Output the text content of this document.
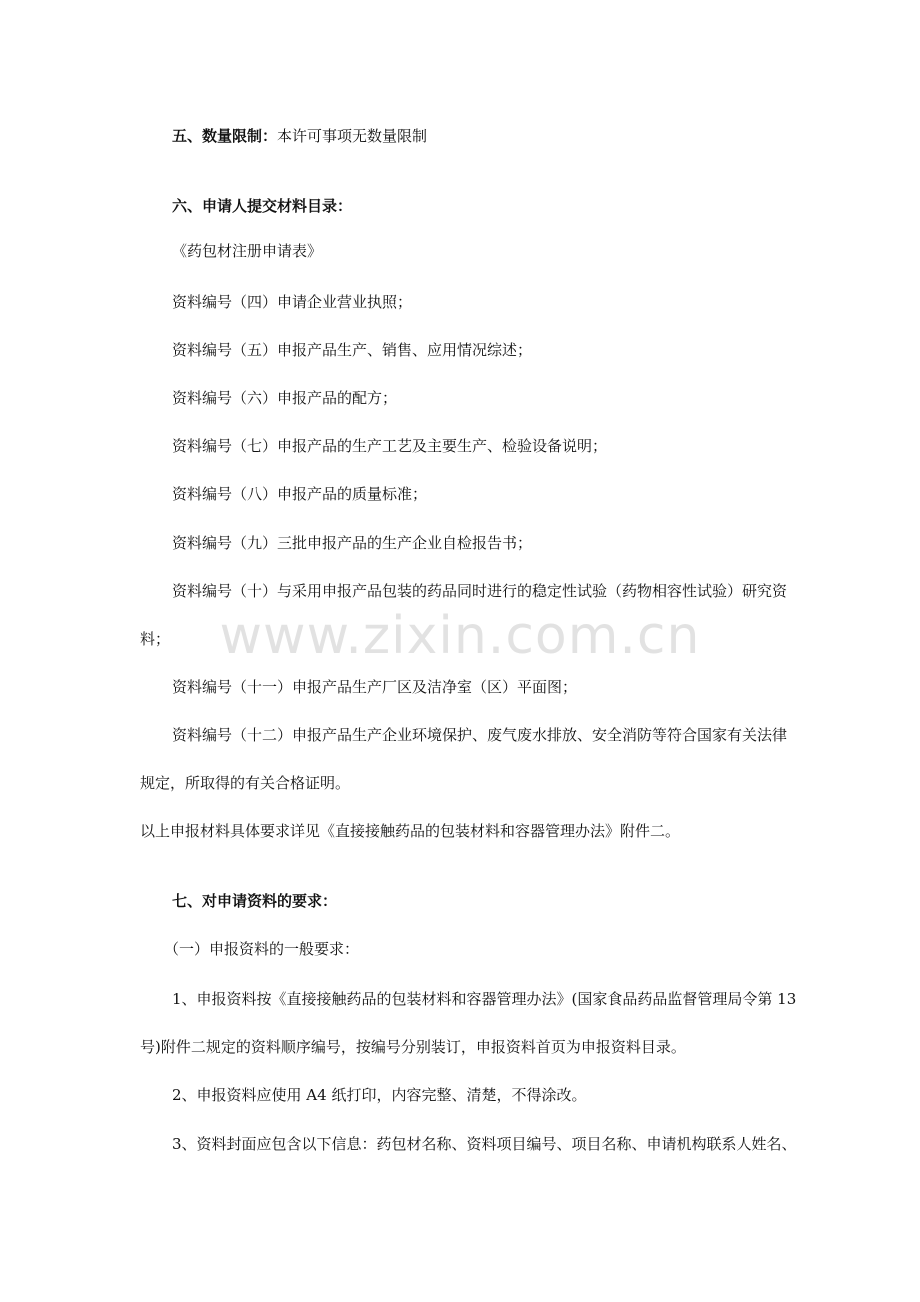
五、数量限制：本许可事项无数量限制
六、申请人提交材料目录：
《药包材注册申请表》
资料编号（四）申请企业营业执照；
资料编号（五）申报产品生产、销售、应用情况综述；
资料编号（六）申报产品的配方；
资料编号（七）申报产品的生产工艺及主要生产、检验设备说明；
资料编号（八）申报产品的质量标准；
资料编号（九）三批申报产品的生产企业自检报告书；
资料编号（十）与采用申报产品包装的药品同时进行的稳定性试验（药物相容性试验）研究资
料；
资料编号（十一）申报产品生产厂区及洁净室（区）平面图；
资料编号（十二）申报产品生产企业环境保护、废气废水排放、安全消防等符合国家有关法律
规定，所取得的有关合格证明。
以上申报材料具体要求详见《直接接触药品的包装材料和容器管理办法》附件二。
七、对申请资料的要求：
（一）申报资料的一般要求：
1、申报资料按《直接接触药品的包装材料和容器管理办法》(国家食品药品监督管理局令第 13
号)附件二规定的资料顺序编号，按编号分别装订，申报资料首页为申报资料目录。
2、申报资料应使用 A4 纸打印，内容完整、清楚，不得涂改。
3、资料封面应包含以下信息：药包材名称、资料项目编号、项目名称、申请机构联系人姓名、
www.zixin.com.cn
